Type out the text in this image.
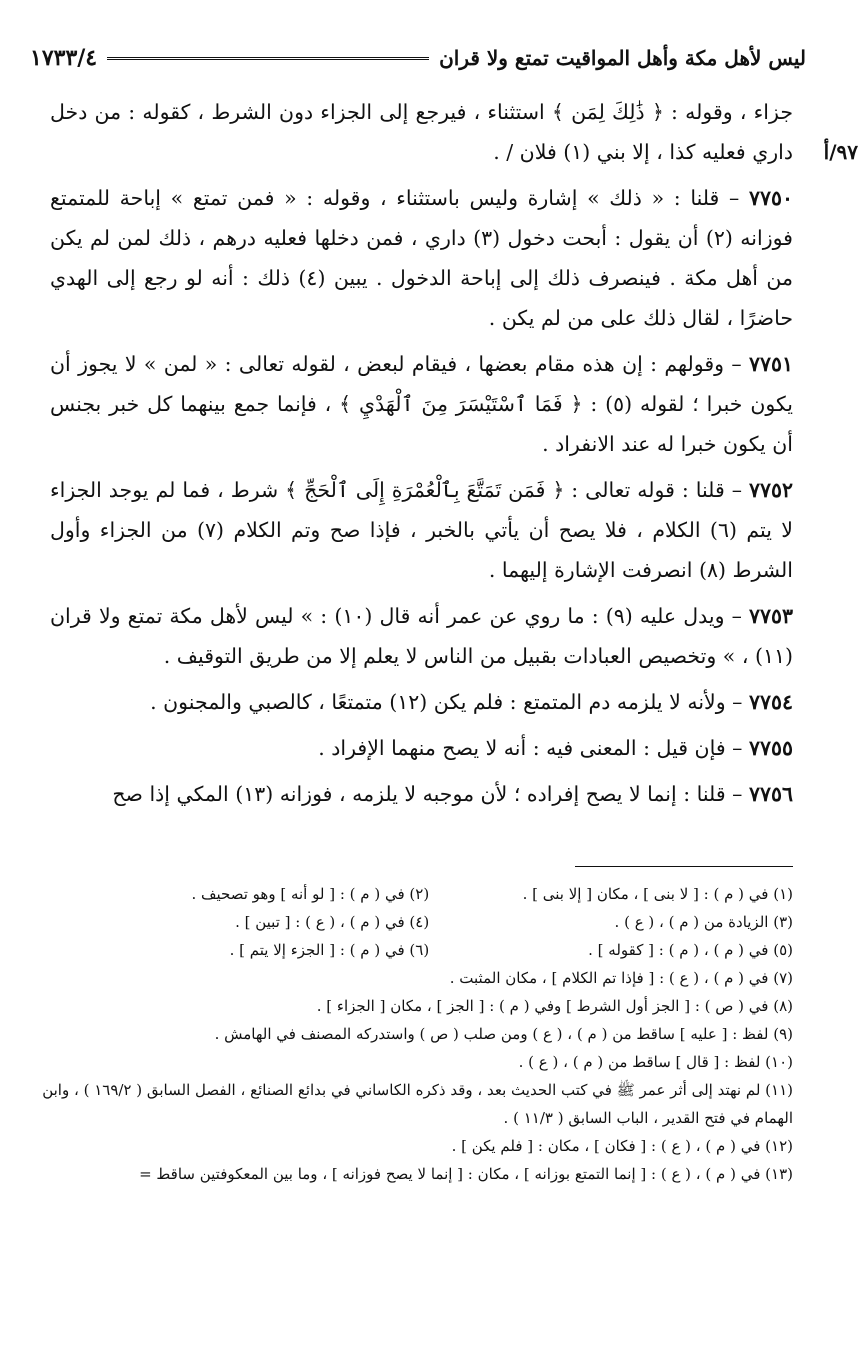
ليس لأهل مكة وأهل المواقيت تمتع ولا قران
١٧٣٣/٤
٩٧/أ

جزاء ، وقوله : ﴿ ذَٰلِكَ لِمَن ﴾ استثناء ، فيرجع إلى الجزاء دون الشرط ، كقوله : من دخل داري فعليه كذا ، إلا بني (١) فلان / .

٧٧٥٠ – قلنا : « ذلك » إشارة وليس باستثناء ، وقوله : « فمن تمتع » إباحة للمتمتع فوزانه (٢) أن يقول : أبحت دخول (٣) داري ، فمن دخلها فعليه درهم ، ذلك لمن لم يكن من أهل مكة . فينصرف ذلك إلى إباحة الدخول . يبين (٤) ذلك : أنه لو رجع إلى الهدي حاضرًا ، لقال ذلك على من لم يكن .

٧٧٥١ – وقولهم : إن هذه مقام بعضها ، فيقام لبعض ، لقوله تعالى : « لمن » لا يجوز أن يكون خبرا ؛ لقوله (٥) : ﴿ فَمَا ٱسْتَيْسَرَ مِنَ ٱلْهَدْيِ ﴾ ، فإنما جمع بينهما كل خبر بجنس أن يكون خبرا له عند الانفراد .

٧٧٥٢ – قلنا : قوله تعالى : ﴿ فَمَن تَمَتَّعَ بِٱلْعُمْرَةِ إِلَى ٱلْحَجِّ ﴾ شرط ، فما لم يوجد الجزاء لا يتم (٦) الكلام ، فلا يصح أن يأتي بالخبر ، فإذا صح وتم الكلام (٧) من الجزاء وأول الشرط (٨) انصرفت الإشارة إليهما .

٧٧٥٣ – ويدل عليه (٩) : ما روي عن عمر أنه قال (١٠) : » ليس لأهل مكة تمتع ولا قران (١١) ، » وتخصيص العبادات بقبيل من الناس لا يعلم إلا من طريق التوقيف .

٧٧٥٤ – ولأنه لا يلزمه دم المتمتع : فلم يكن (١٢) متمتعًا ، كالصبي والمجنون .

٧٧٥٥ – فإن قيل : المعنى فيه : أنه لا يصح منهما الإفراد .

٧٧٥٦ – قلنا : إنما لا يصح إفراده ؛ لأن موجبه لا يلزمه ، فوزانه (١٣) المكي إذا صح

(١) في ( م ) : [ لا بنى ] ، مكان [ إلا بنى ] .
(٢) في ( م ) : [ لو أنه ] وهو تصحيف .
(٣) الزيادة من ( م ) ، ( ع ) .
(٤) في ( م ) ، ( ع ) : [ تبين ] .
(٥) في ( م ) ، ( م ) : [ كقوله ] .
(٦) في ( م ) : [ الجزء إلا يتم ] .

(٧) في ( م ) ، ( ع ) : [ فإذا تم الكلام ] ، مكان المثبت .

(٨) في ( ص ) : [ الجز أول الشرط ] وفي ( م ) : [ الجز ] ، مكان [ الجزاء ] .

(٩) لفظ : [ عليه ] ساقط من ( م ) ، ( ع ) ومن صلب ( ص ) واستدركه المصنف في الهامش .

(١٠) لفظ : [ قال ] ساقط من ( م ) ، ( ع ) .

(١١) لم نهتد إلى أثر عمر ﷺ في كتب الحديث بعد ، وقد ذكره الكاساني في بدائع الصنائع ، الفصل السابق ( ١٦٩/٢ ) ، وابن الهمام في فتح القدير ، الباب السابق ( ١١/٣ ) .

(١٢) في ( م ) ، ( ع ) : [ فكان ] ، مكان : [ فلم يكن ] .

(١٣) في ( م ) ، ( ع ) : [ إنما التمتع بوزانه ] ، مكان : [ إنما لا يصح فوزانه ] ، وما بين المعكوفتين ساقط =
